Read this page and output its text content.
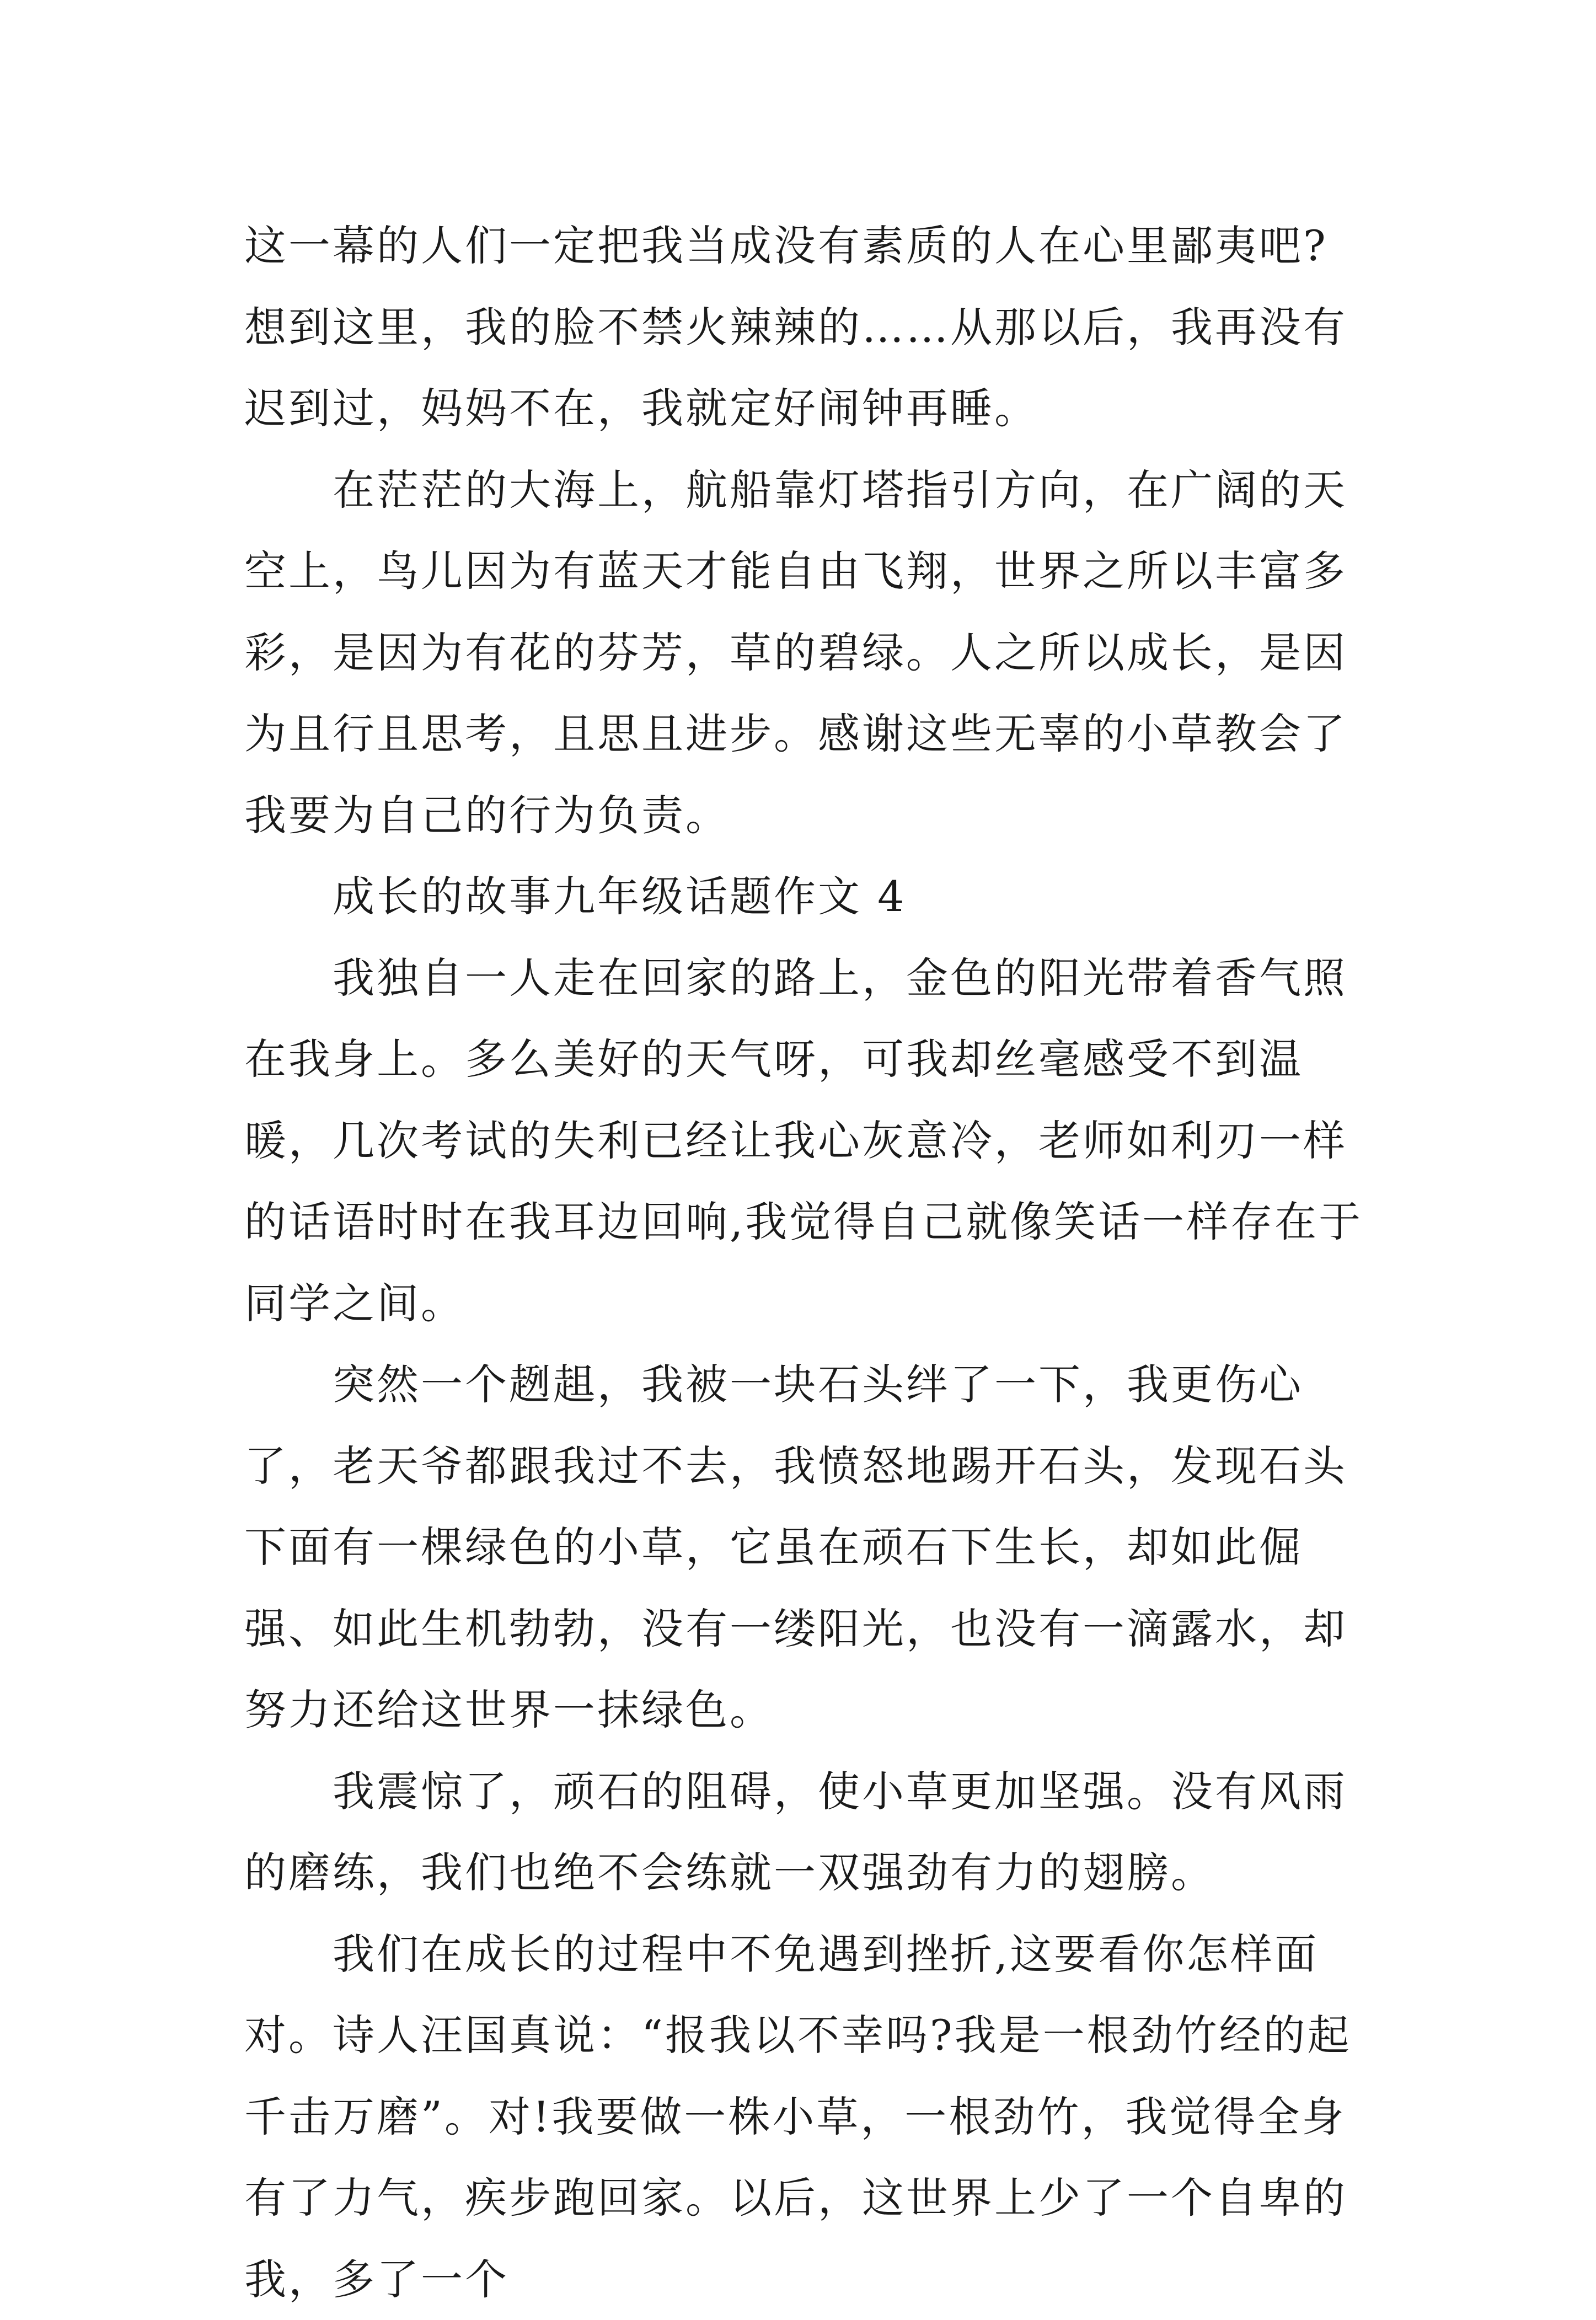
这一幕的人们一定把我当成没有素质的人在心里鄙夷吧?想到这里，我的脸不禁火辣辣的……从那以后，我再没有迟到过，妈妈不在，我就定好闹钟再睡。

在茫茫的大海上，航船靠灯塔指引方向，在广阔的天空上，鸟儿因为有蓝天才能自由飞翔，世界之所以丰富多彩，是因为有花的芬芳，草的碧绿。人之所以成长，是因为且行且思考，且思且进步。感谢这些无辜的小草教会了我要为自己的行为负责。

成长的故事九年级话题作文 4

我独自一人走在回家的路上，金色的阳光带着香气照在我身上。多么美好的天气呀，可我却丝毫感受不到温暖，几次考试的失利已经让我心灰意冷，老师如利刃一样的话语时时在我耳边回响,我觉得自己就像笑话一样存在于同学之间。

突然一个趔趄，我被一块石头绊了一下，我更伤心了，老天爷都跟我过不去，我愤怒地踢开石头，发现石头下面有一棵绿色的小草，它虽在顽石下生长，却如此倔强、如此生机勃勃，没有一缕阳光，也没有一滴露水，却努力还给这世界一抹绿色。

我震惊了，顽石的阻碍，使小草更加坚强。没有风雨的磨练，我们也绝不会练就一双强劲有力的翅膀。

我们在成长的过程中不免遇到挫折,这要看你怎样面对。诗人汪国真说：“报我以不幸吗?我是一根劲竹经的起千击万磨”。对!我要做一株小草，一根劲竹，我觉得全身有了力气，疾步跑回家。以后，这世界上少了一个自卑的我，多了一个
